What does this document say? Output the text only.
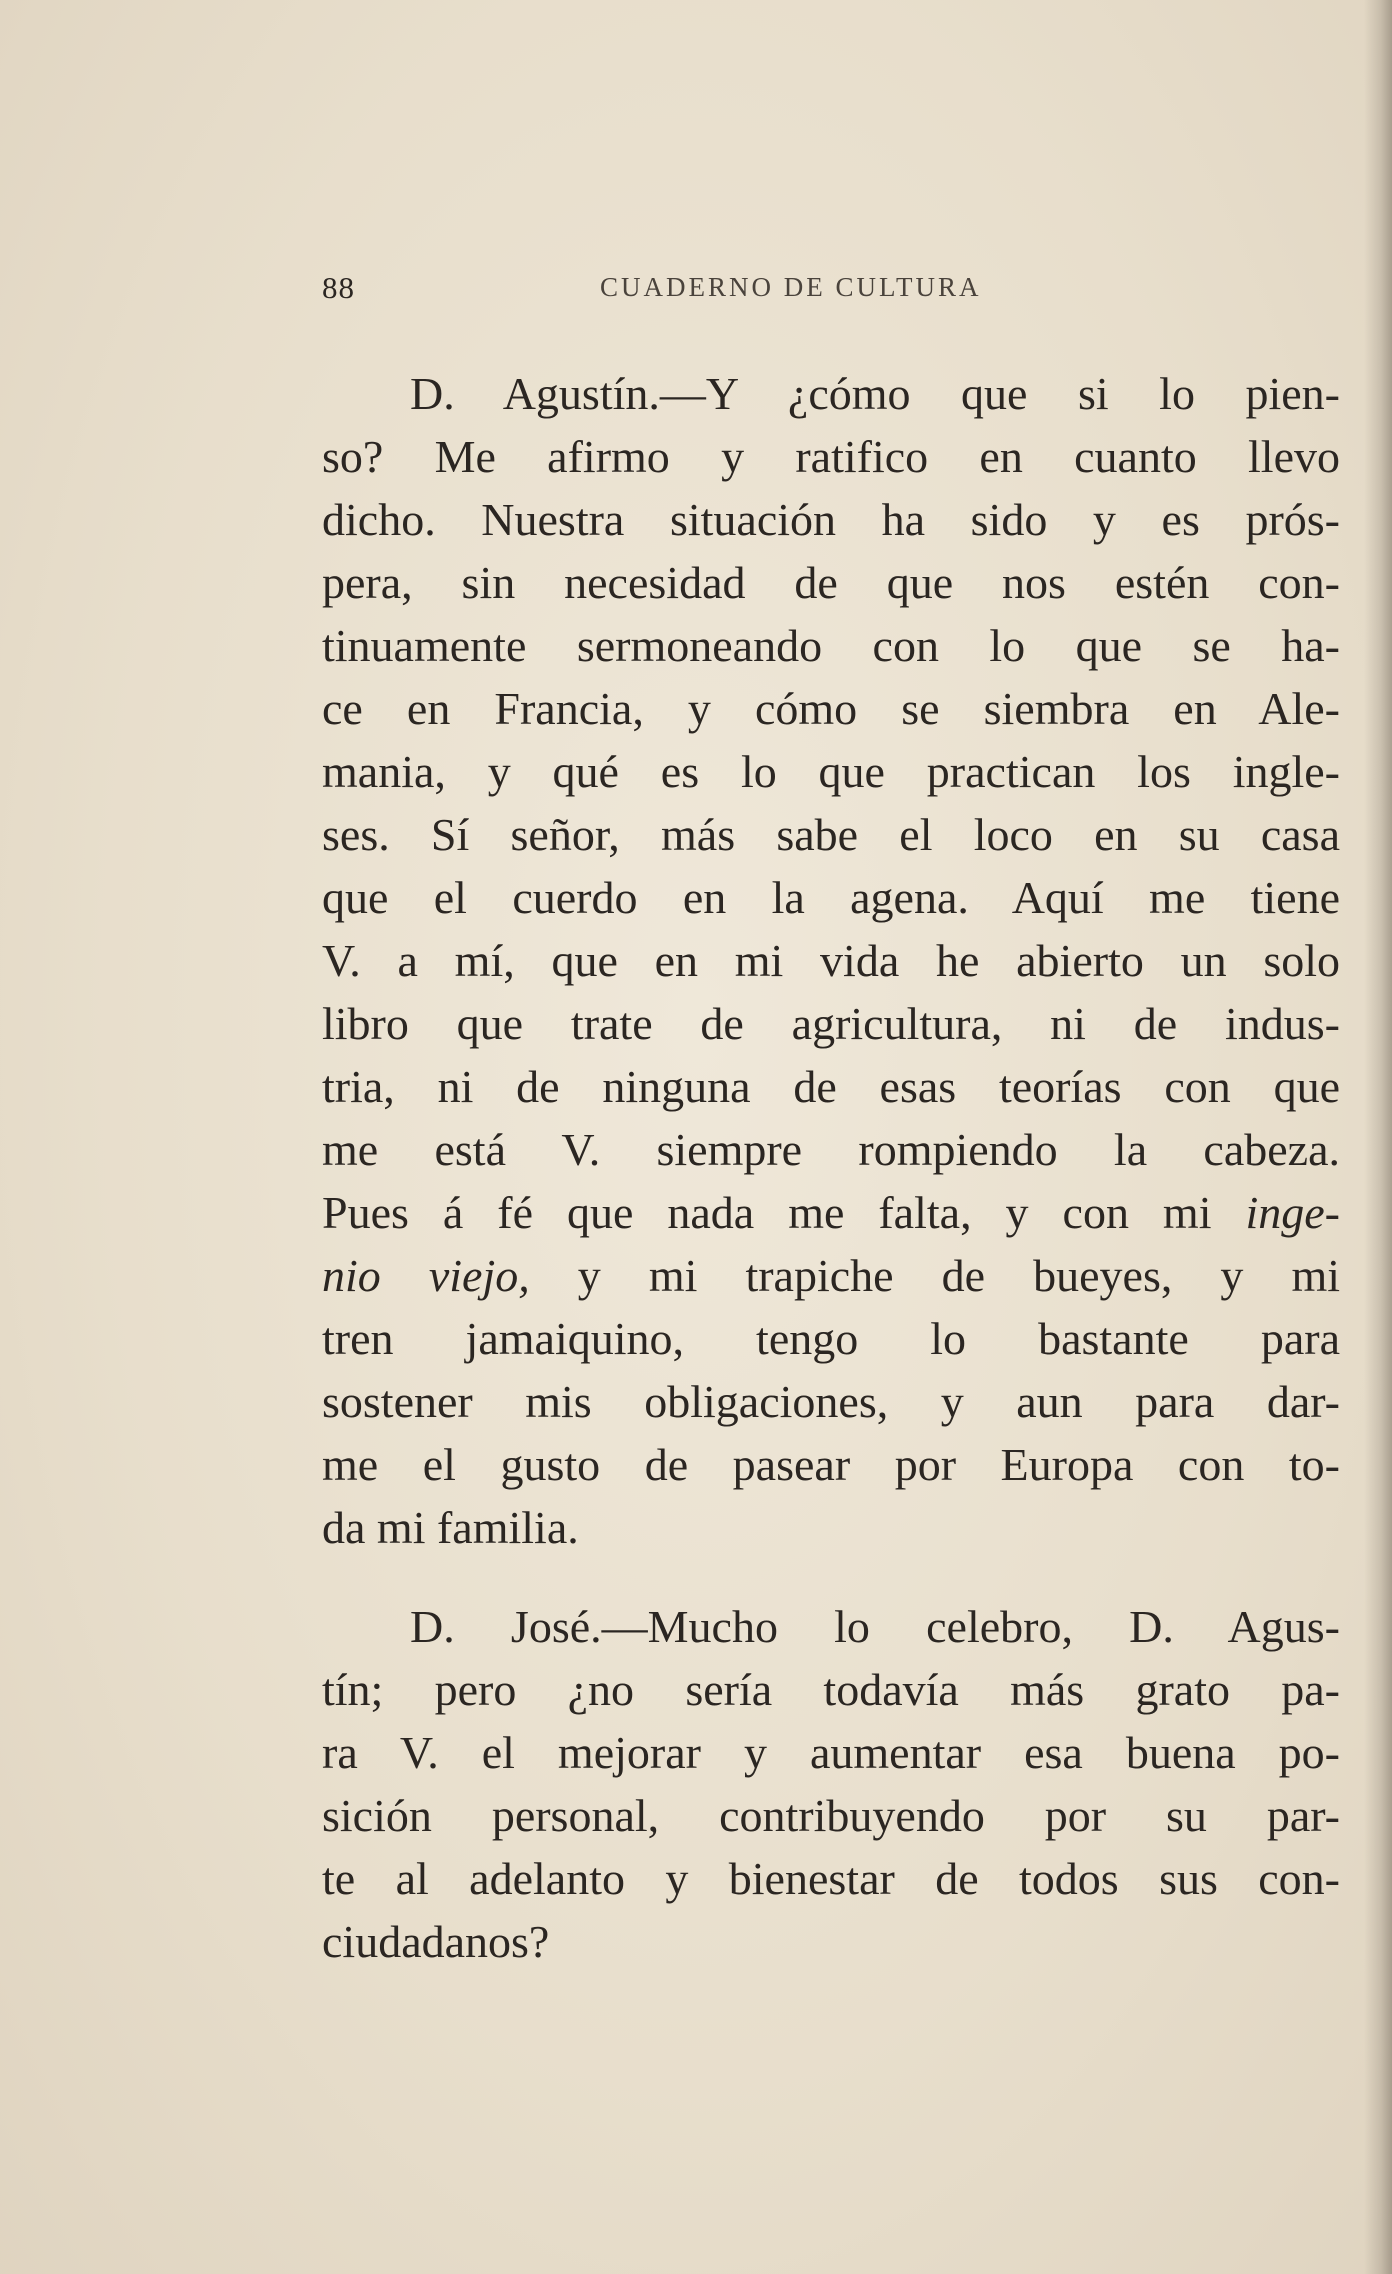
88	CUADERNO DE CULTURA
D. Agustín.—Y ¿cómo que si lo pien-
so? Me afirmo y ratifico en cuanto llevo
dicho. Nuestra situación ha sido y es prós-
pera, sin necesidad de que nos estén con-
tinuamente sermoneando con lo que se ha-
ce en Francia, y cómo se siembra en Ale-
mania, y qué es lo que practican los ingle-
ses. Sí señor, más sabe el loco en su casa
que el cuerdo en la agena. Aquí me tiene
V. a mí, que en mi vida he abierto un solo
libro que trate de agricultura, ni de indus-
tria, ni de ninguna de esas teorías con que
me está V. siempre rompiendo la cabeza.
Pues á fé que nada me falta, y con mi inge-
nio viejo, y mi trapiche de bueyes, y mi
tren jamaiquino, tengo lo bastante para
sostener mis obligaciones, y aun para dar-
me el gusto de pasear por Europa con to-
da mi familia.
D. José.—Mucho lo celebro, D. Agus-
tín; pero ¿no sería todavía más grato pa-
ra V. el mejorar y aumentar esa buena po-
sición personal, contribuyendo por su par-
te al adelanto y bienestar de todos sus con-
ciudadanos?
